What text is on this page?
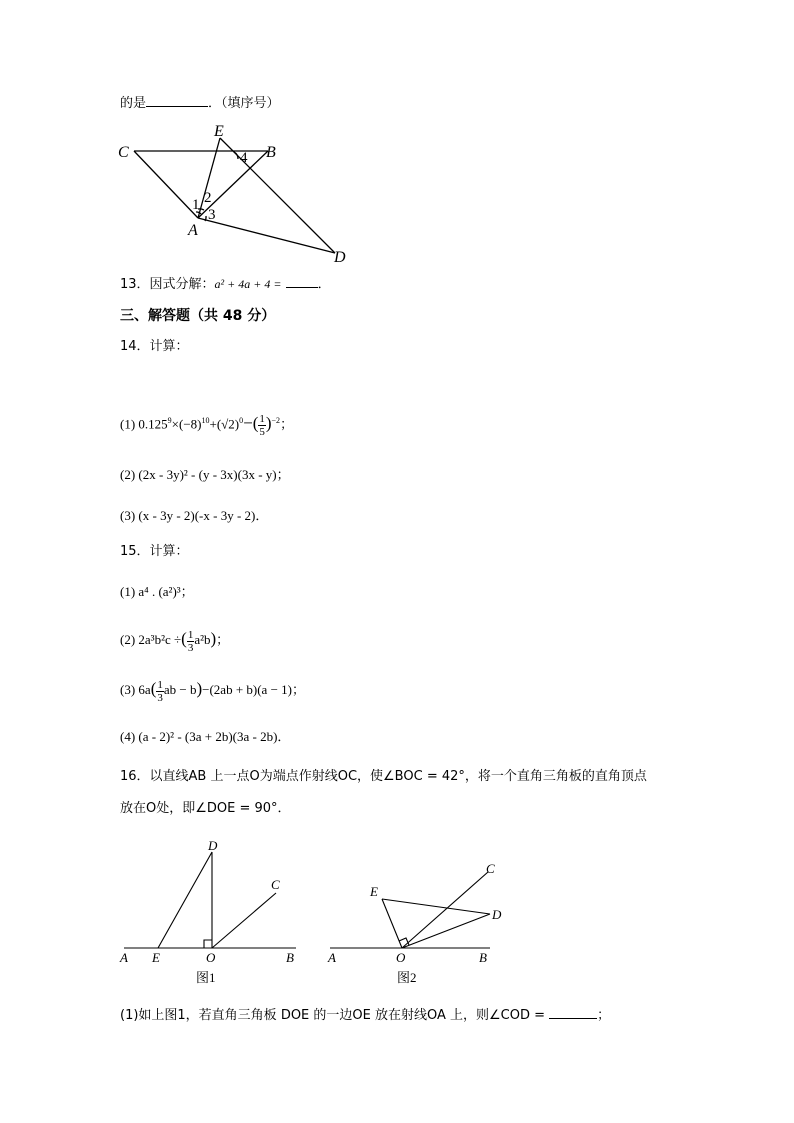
的是	．（填序号）
C
E
B
A
D
1 2
3
4
13．因式分解：a² + 4a + 4 =	．
三、解答题（共 48 分）
14．计算：
(1) $0.125^9\times(-8)^{10}+(√2)^0-( \frac{1}{5} )^{-2}$；
(2) (2x - 3y)² - (y - 3x)(3x - y)；
(3) (x - 3y - 2)(-x - 3y - 2)．
15．计算：
(1) a⁴ . (a²)³；
(2) 2a³b²c ÷( $\frac{1}{3} a^2b$)；
(3) $6a( \frac{1}{3}$ ab − b)−(2ab + b)(a − 1)；
(4) (a - 2)² - (3a + 2b)(3a - 2b)．
16．以直线AB 上一点O为端点作射线OC，使∠BOC = 42°，将一个直角三角板的直角顶点
放在O处，即∠DOE = 90°．
D
C
A E	O	B
图1
E
C
D
A	O	B
图2
(1)如上图1，若直角三角板 DOE 的一边OE 放在射线OA 上，则∠COD =	；
